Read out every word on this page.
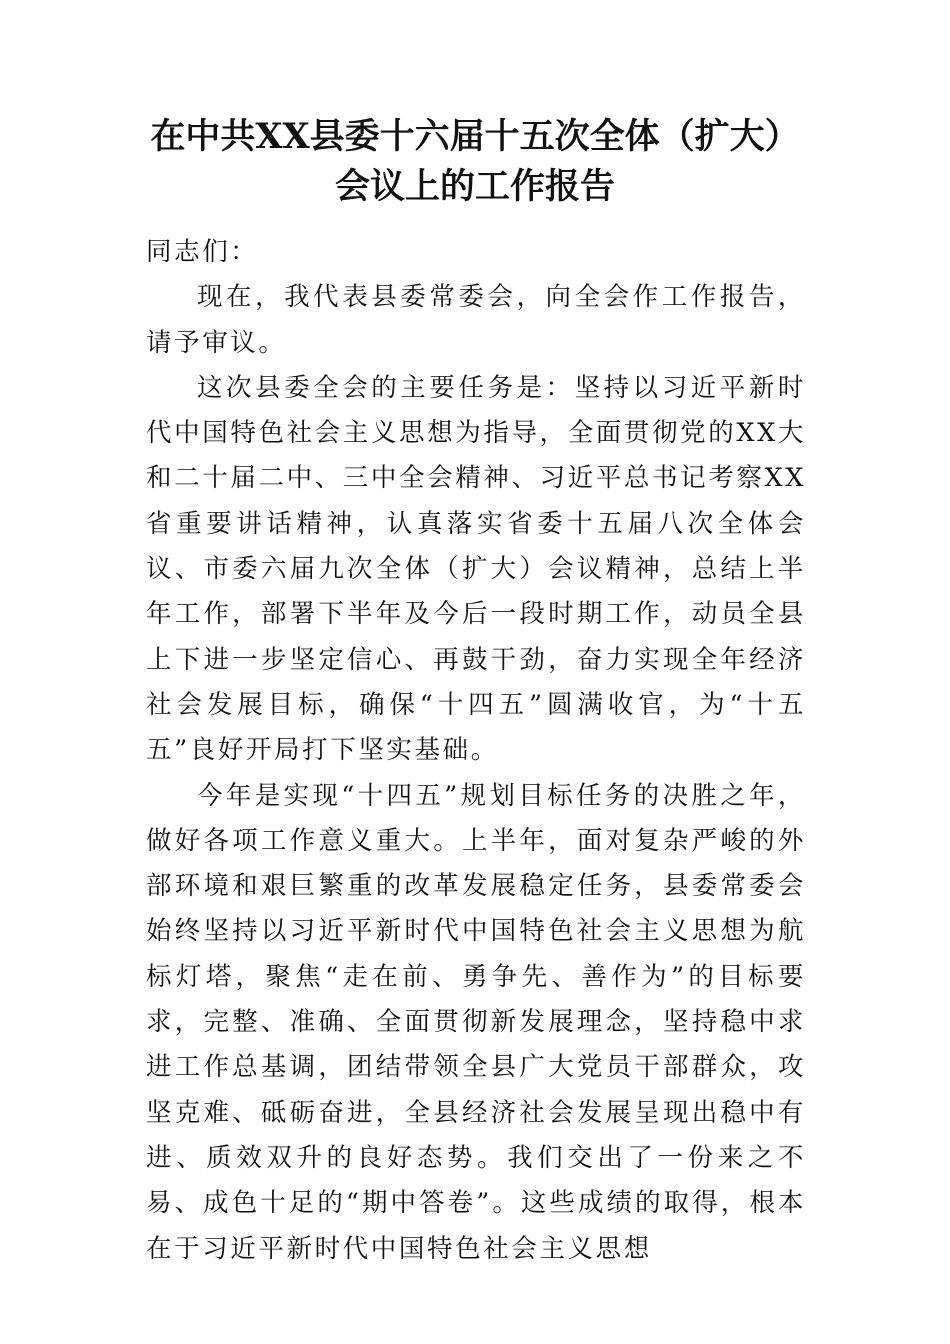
在中共XX县委十六届十五次全体（扩大）
会议上的工作报告

同志们：

现在，我代表县委常委会，向全会作工作报告，请予审议。

这次县委全会的主要任务是：坚持以习近平新时代中国特色社会主义思想为指导，全面贯彻党的XX大和二十届二中、三中全会精神、习近平总书记考察XX省重要讲话精神，认真落实省委十五届八次全体会议、市委六届九次全体（扩大）会议精神，总结上半年工作，部署下半年及今后一段时期工作，动员全县上下进一步坚定信心、再鼓干劲，奋力实现全年经济社会发展目标，确保“十四五”圆满收官，为“十五五”良好开局打下坚实基础。

今年是实现“十四五”规划目标任务的决胜之年，做好各项工作意义重大。上半年，面对复杂严峻的外部环境和艰巨繁重的改革发展稳定任务，县委常委会始终坚持以习近平新时代中国特色社会主义思想为航标灯塔，聚焦“走在前、勇争先、善作为”的目标要求，完整、准确、全面贯彻新发展理念，坚持稳中求进工作总基调，团结带领全县广大党员干部群众，攻坚克难、砥砺奋进，全县经济社会发展呈现出稳中有进、质效双升的良好态势。我们交出了一份来之不易、成色十足的“期中答卷”。这些成绩的取得，根本在于习近平新时代中国特色社会主义思想
